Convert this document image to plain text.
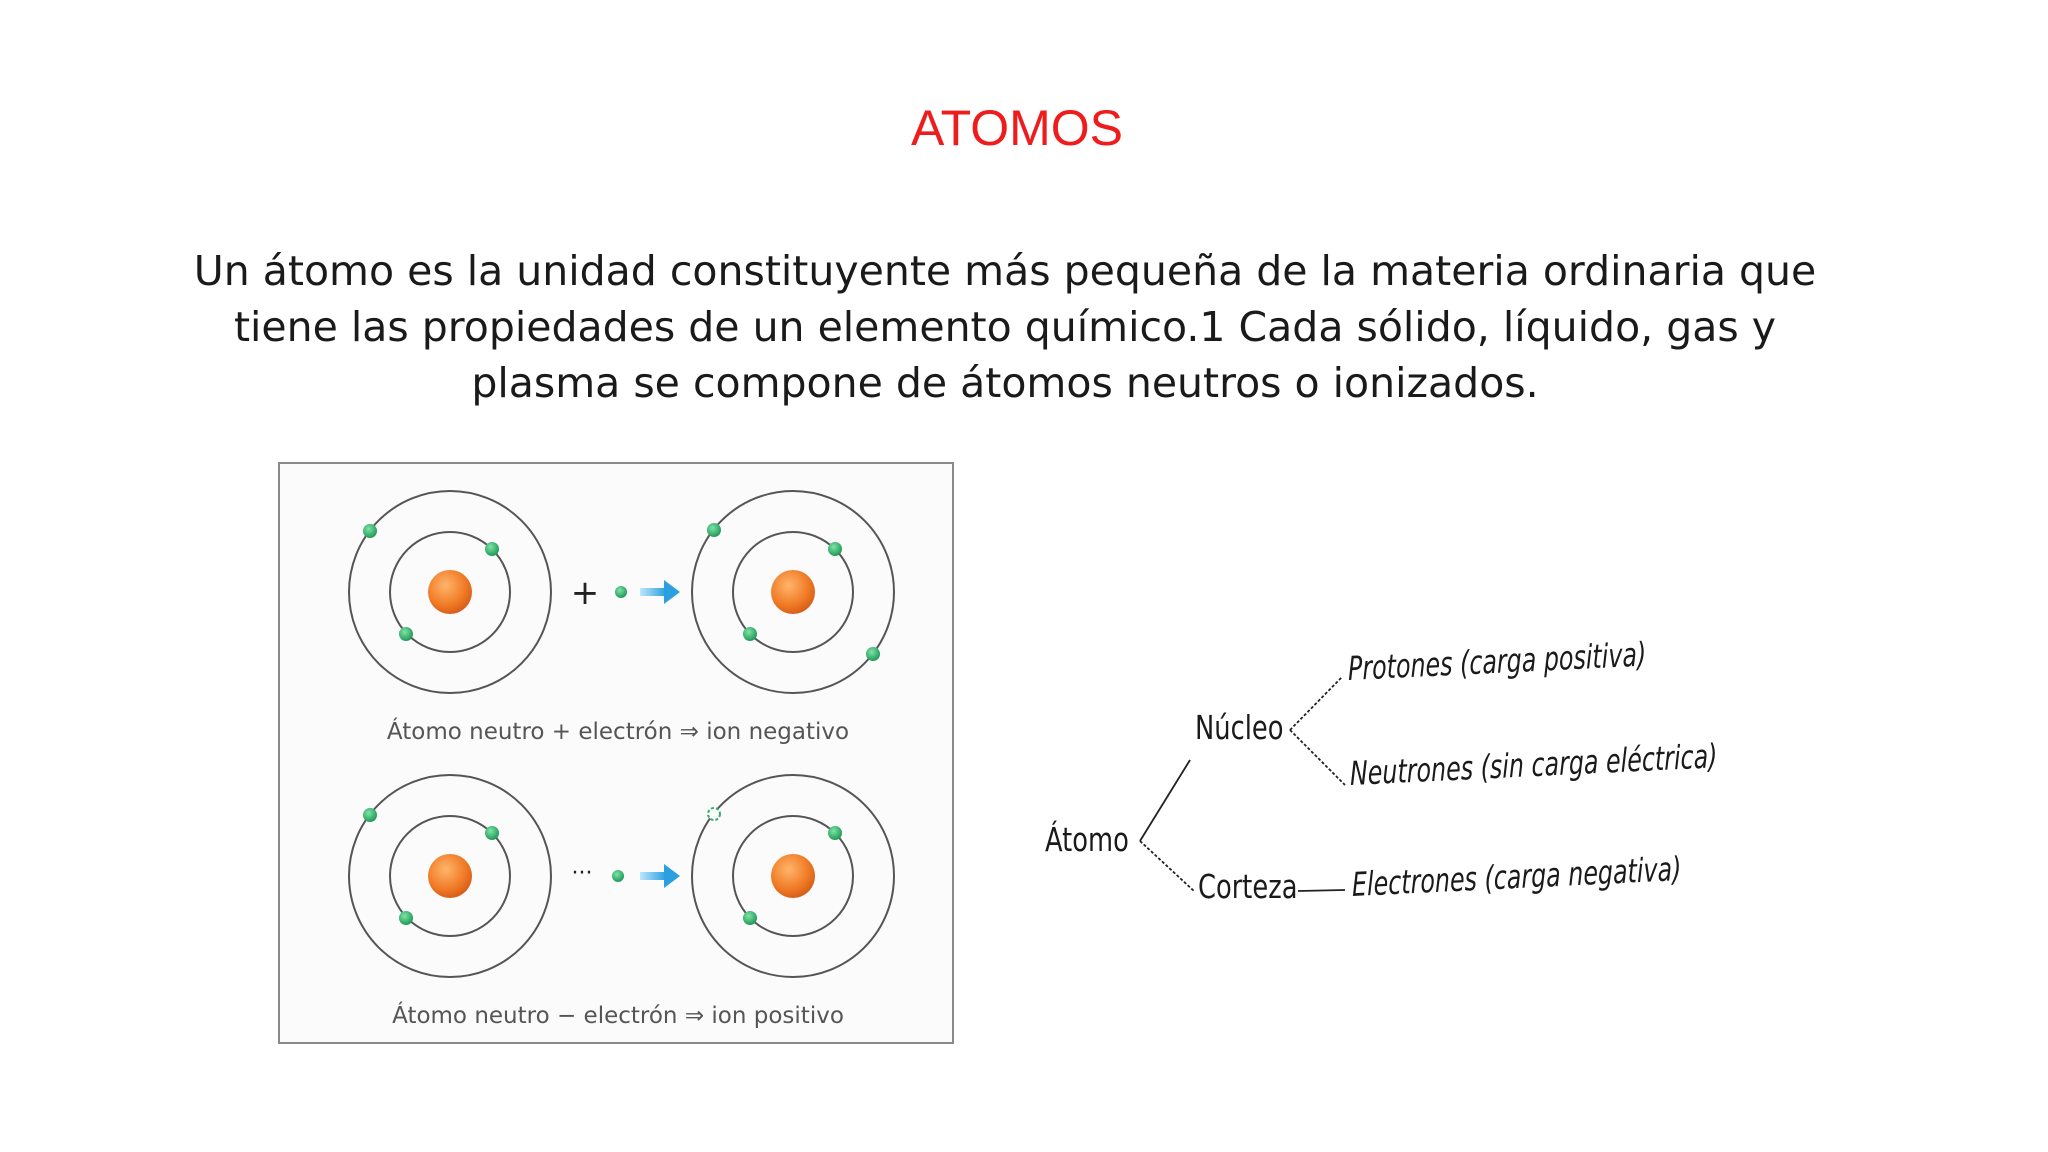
ATOMOS

Un átomo es la unidad constituyente más pequeña de la materia ordinaria que tiene las propiedades de un elemento químico.1 Cada sólido, líquido, gas y plasma se compone de átomos neutros o ionizados.

+
···
Átomo neutro + electrón ⇒ ion negativo
Átomo neutro − electrón ⇒ ion positivo
Átomo
Núcleo
Corteza
Protones (carga positiva)
Neutrones (sin carga eléctrica)
Electrones (carga negativa)
